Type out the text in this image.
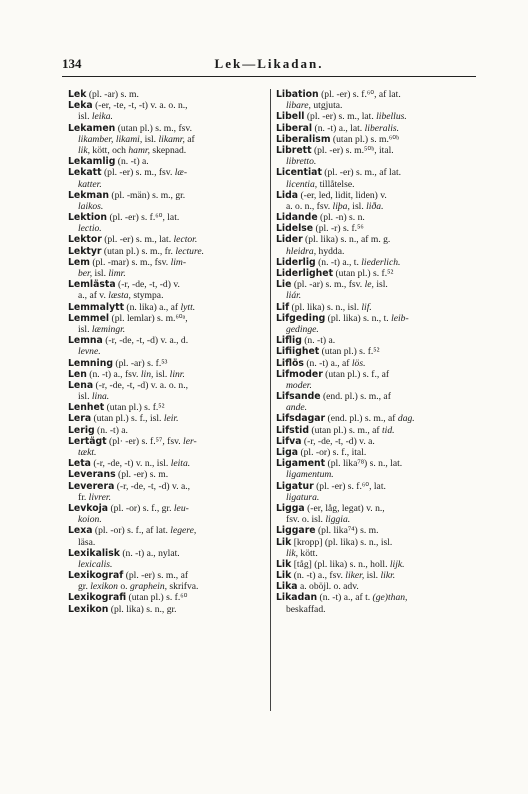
134	Lek—Likadan.
Lek (pl. -ar) s. m.
Leka (-er, -te, -t, -t) v. a. o. n.,
isl. leika.
Lekamen (utan pl.) s. m., fsv.
likamber, likami, isl. likamr, af
lik, kött, och hamr, skepnad.
Lekamlig (n. -t) a.
Lekatt (pl. -er) s. m., fsv. læ-
katter.
Lekman (pl. -män) s. m., gr.
laikos.
Lektion (pl. -er) s. f.⁶⁰, lat.
lectio.
Lektor (pl. -er) s. m., lat. lector.
Lektyr (utan pl.) s. m., fr. lecture.
Lem (pl. -mar) s. m., fsv. lim-
ber, isl. limr.
Lemlästa (-r, -de, -t, -d) v.
a., af v. læsta, stympa.
Lemmalytt (n. lika) a., af lytt.
Lemmel (pl. lemlar) s. m.⁶⁰ᵃ,
isl. læmingr.
Lemna (-r, -de, -t, -d) v. a., d.
levne.
Lemning (pl. -ar) s. f.⁵³
Len (n. -t) a., fsv. lin, isl. linr.
Lena (-r, -de, -t, -d) v. a. o. n.,
isl. lina.
Lenhet (utan pl.) s. f.⁵²
Lera (utan pl.) s. f., isl. leir.
Lerig (n. -t) a.
Lertägt (pl· -er) s. f.⁵⁷, fsv. ler-
tækt.
Leta (-r, -de, -t) v. n., isl. leita.
Leverans (pl. -er) s. m.
Leverera (-r, -de, -t, -d) v. a.,
fr. livrer.
Levkoja (pl. -or) s. f., gr. leu-
koion.
Lexa (pl. -or) s. f., af lat. legere,
läsa.
Lexikalisk (n. -t) a., nylat.
lexicalis.
Lexikograf (pl. -er) s. m., af
gr. lexikon o. graphein, skrifva.
Lexikografi (utan pl.) s. f.⁶⁰
Lexikon (pl. lika) s. n., gr.
Libation (pl. -er) s. f.⁶⁰, af lat.
libare, utgjuta.
Libell (pl. -er) s. m., lat. libellus.
Liberal (n. -t) a., lat. liberalis.
Liberalism (utan pl.) s. m.⁶⁰ᵇ
Librett (pl. -er) s. m.⁵⁰ᵇ, ital.
libretto.
Licentiat (pl. -er) s. m., af lat.
licentia, tillåtelse.
Lida (-er, led, lidit, liden) v.
a. o. n., fsv. liþa, isl. liða.
Lidande (pl. -n) s. n.
Lidelse (pl. -r) s. f.⁵⁶
Lider (pl. lika) s. n., af m. g.
hleidra, hydda.
Liderlig (n. -t) a., t. liederlich.
Liderlighet (utan pl.) s. f.⁵²
Lie (pl. -ar) s. m., fsv. le, isl.
liár.
Lif (pl. lika) s. n., isl. lif.
Lifgeding (pl. lika) s. n., t. leib-
gedinge.
Liflig (n. -t) a.
Lifiighet (utan pl.) s. f.⁵²
Liflös (n. -t) a., af lös.
Lifmoder (utan pl.) s. f., af
moder.
Lifsande (end. pl.) s. m., af
ande.
Lifsdagar (end. pl.) s. m., af dag.
Lifstid (utan pl.) s. m., af tid.
Lifva (-r, -de, -t, -d) v. a.
Liga (pl. -or) s. f., ital.
Ligament (pl. lika⁷⁸) s. n., lat.
ligamentum.
Ligatur (pl. -er) s. f.⁶⁰, lat.
ligatura.
Ligga (-er, låg, legat) v. n.,
fsv. o. isl. liggia.
Liggare (pl. lika⁷⁴) s. m.
Lik [kropp] (pl. lika) s. n., isl.
lik, kött.
Lik [tåg] (pl. lika) s. n., holl. lijk.
Lik (n. -t) a., fsv. liker, isl. likr.
Lika a. oböjl. o. adv.
Likadan (n. -t) a., af t. (ge)than,
beskaffad.
